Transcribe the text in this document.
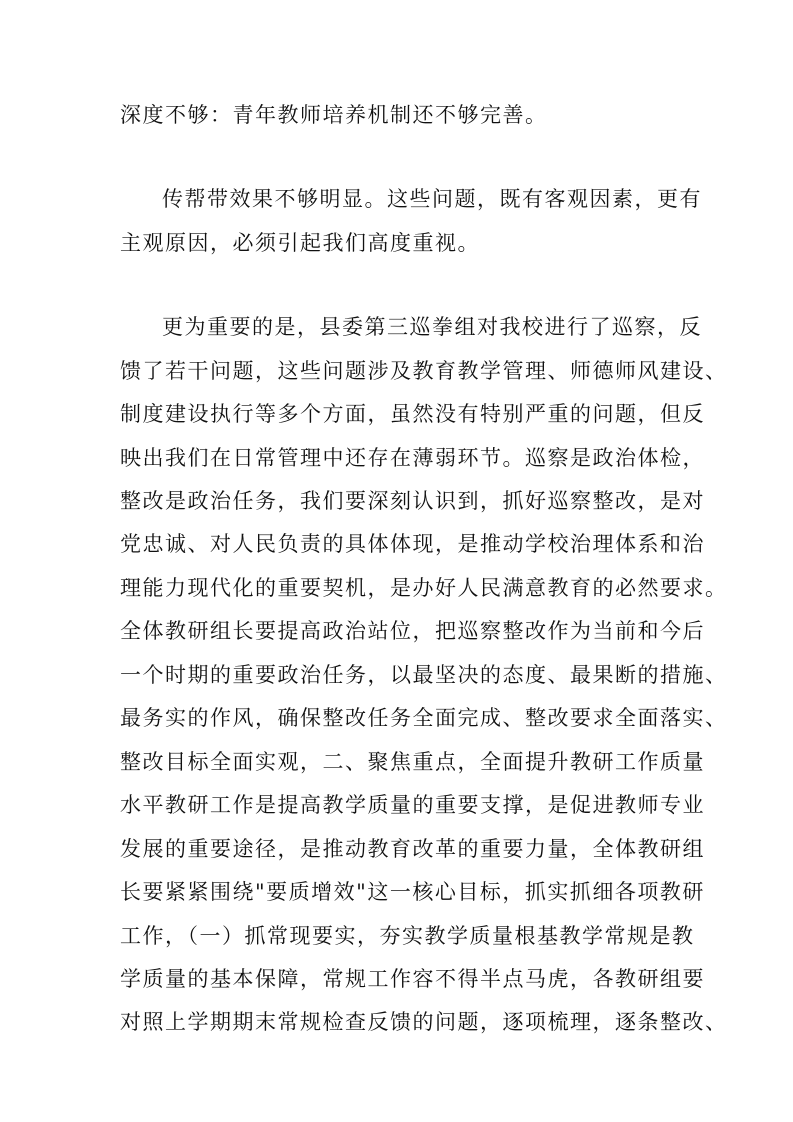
深度不够：青年教师培养机制还不够完善。
传帮带效果不够明显。这些问题，既有客观因素，更有
主观原因，必须引起我们高度重视。
更为重要的是，县委第三巡拳组对我校进行了巡察，反
馈了若干问题，这些问题涉及教育教学管理、师德师风建设、
制度建设执行等多个方面，虽然没有特别严重的问题，但反
映出我们在日常管理中还存在薄弱环节。巡察是政治体检，
整改是政治任务，我们要深刻认识到，抓好巡察整改，是对
党忠诚、对人民负责的具体体现，是推动学校治理体系和治
理能力现代化的重要契机，是办好人民满意教育的必然要求。
全体教研组长要提高政治站位，把巡察整改作为当前和今后
一个时期的重要政治任务，以最坚决的态度、最果断的措施、
最务实的作风，确保整改任务全面完成、整改要求全面落实、
整改目标全面实观，二、聚焦重点，全面提升教研工作质量
水平教研工作是提高教学质量的重要支撑，是促进教师专业
发展的重要途径，是推动教育改革的重要力量，全体教研组
长要紧紧围绕"要质增效"这一核心目标，抓实抓细各项教研
工作，（一）抓常现要实，夯实教学质量根基教学常规是教
学质量的基本保障，常规工作容不得半点马虎，各教研组要
对照上学期期末常规检查反馈的问题，逐项梳理，逐条整改、
